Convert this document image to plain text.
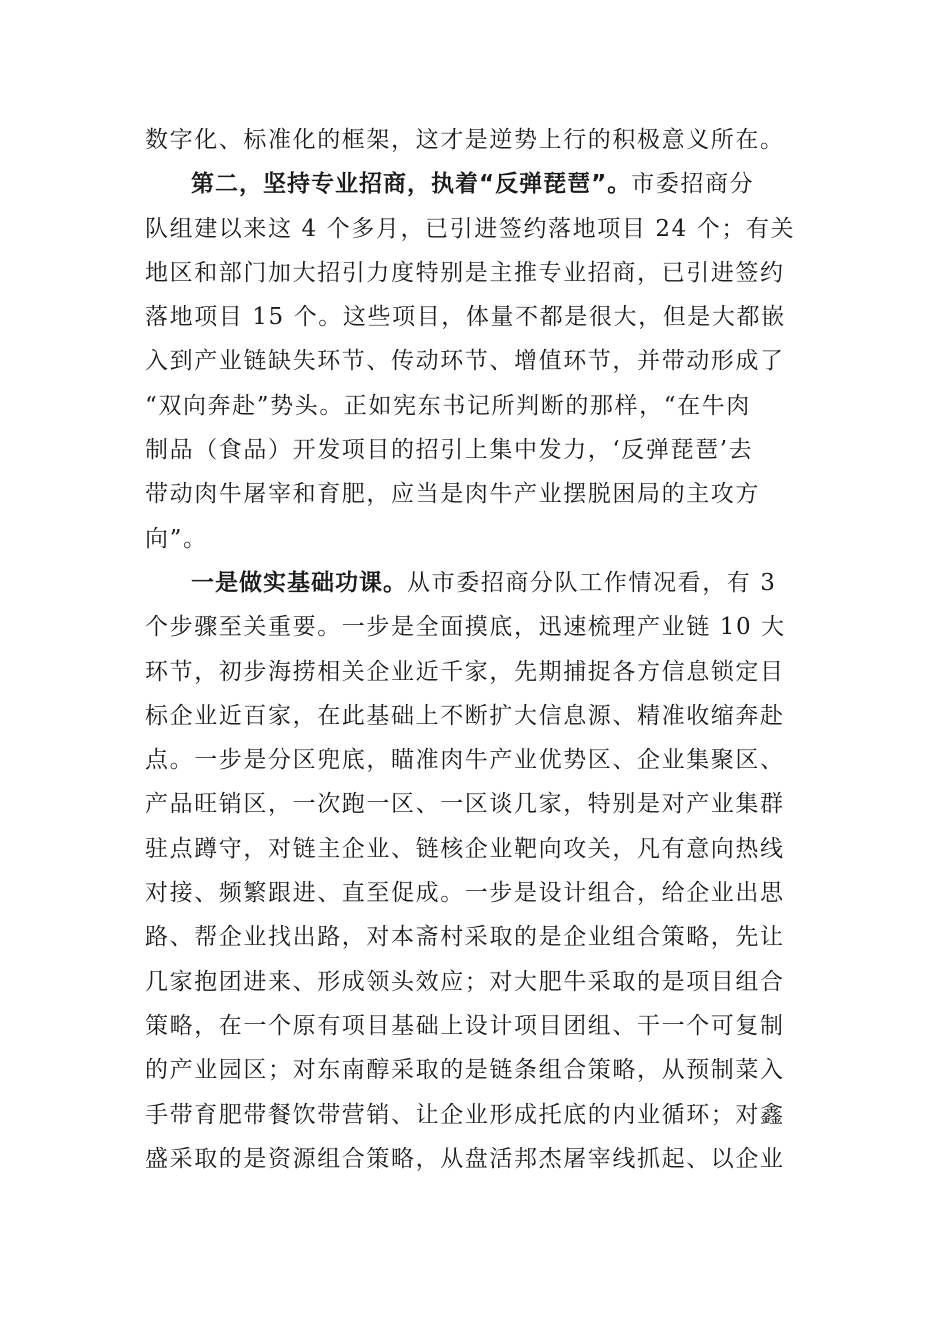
数字化、标准化的框架，这才是逆势上行的积极意义所在。
第二，坚持专业招商，执着“反弹琵琶”。市委招商分
队组建以来这 4 个多月，已引进签约落地项目 24 个；有关
地区和部门加大招引力度特别是主推专业招商，已引进签约
落地项目 15 个。这些项目，体量不都是很大，但是大都嵌
入到产业链缺失环节、传动环节、增值环节，并带动形成了
“双向奔赴”势头。正如宪东书记所判断的那样，“在牛肉
制品（食品）开发项目的招引上集中发力，‘反弹琵琶’去
带动肉牛屠宰和育肥，应当是肉牛产业摆脱困局的主攻方
向”。
一是做实基础功课。从市委招商分队工作情况看，有 3
个步骤至关重要。一步是全面摸底，迅速梳理产业链 10 大
环节，初步海捞相关企业近千家，先期捕捉各方信息锁定目
标企业近百家，在此基础上不断扩大信息源、精准收缩奔赴
点。一步是分区兜底，瞄准肉牛产业优势区、企业集聚区、
产品旺销区，一次跑一区、一区谈几家，特别是对产业集群
驻点蹲守，对链主企业、链核企业靶向攻关，凡有意向热线
对接、频繁跟进、直至促成。一步是设计组合，给企业出思
路、帮企业找出路，对本斋村采取的是企业组合策略，先让
几家抱团进来、形成领头效应；对大肥牛采取的是项目组合
策略，在一个原有项目基础上设计项目团组、干一个可复制
的产业园区；对东南醇采取的是链条组合策略，从预制菜入
手带育肥带餐饮带营销、让企业形成托底的内业循环；对鑫
盛采取的是资源组合策略，从盘活邦杰屠宰线抓起、以企业
